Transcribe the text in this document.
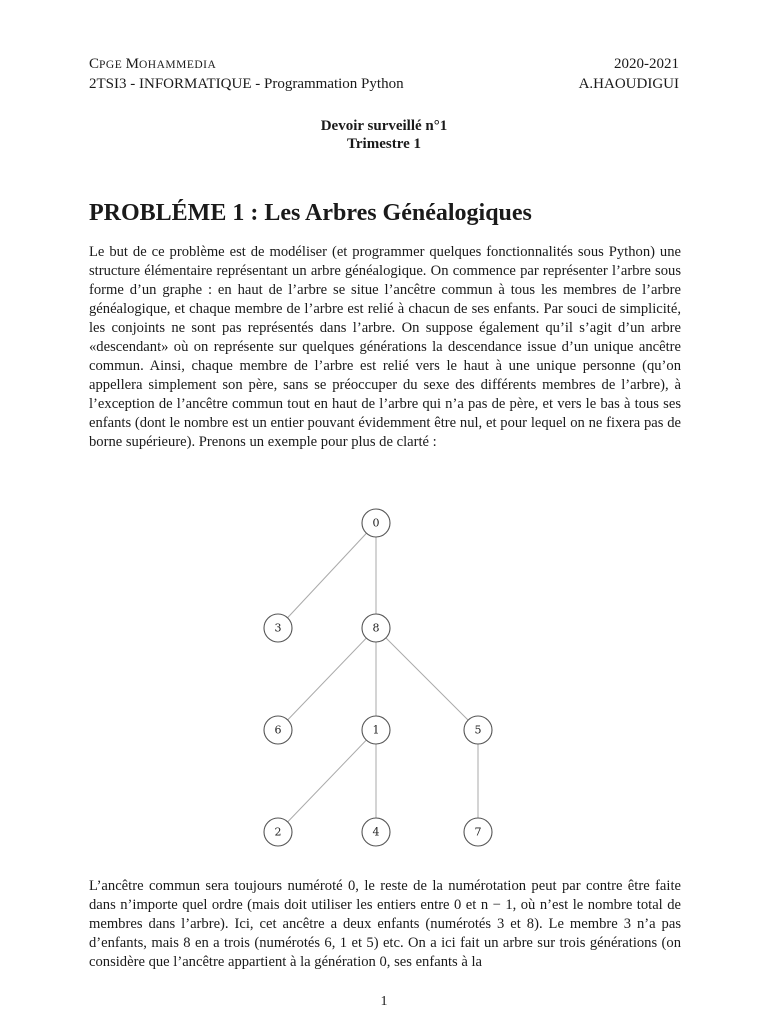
CPGE MOHAMMEDIA	2020-2021
2TSI3 - INFORMATIQUE - Programmation Python	A.HAOUDIGUI
Devoir surveillé n°1
Trimestre 1
PROBLÉME 1 : Les Arbres Généalogiques

Le but de ce problème est de modéliser (et programmer quelques fonctionnalités sous Python) une structure élémentaire représentant un arbre généalogique. On commence par représenter l’arbre sous forme d’un graphe : en haut de l’arbre se situe l’ancêtre commun à tous les membres de l’arbre généalogique, et chaque membre de l’arbre est relié à chacun de ses enfants. Par souci de simplicité, les conjoints ne sont pas représentés dans l’arbre. On suppose également qu’il s’agit d’un arbre «descendant» où on représente sur quelques générations la descendance issue d’un unique ancêtre commun. Ainsi, chaque membre de l’arbre est relié vers le haut à une unique personne (qu’on appellera simplement son père, sans se préoccuper du sexe des différents membres de l’arbre), à l’exception de l’ancêtre commun tout en haut de l’arbre qui n’a pas de père, et vers le bas à tous ses enfants (dont le nombre est un entier pouvant évidemment être nul, et pour lequel on ne fixera pas de borne supérieure). Prenons un exemple pour plus de clarté :

0
3	8
6	1	5
2	4	7

L’ancêtre commun sera toujours numéroté 0, le reste de la numérotation peut par contre être faite dans n’importe quel ordre (mais doit utiliser les entiers entre 0 et n − 1, où n’est le nombre total de membres dans l’arbre). Ici, cet ancêtre a deux enfants (numérotés 3 et 8). Le membre 3 n’a pas d’enfants, mais 8 en a trois (numérotés 6, 1 et 5) etc. On a ici fait un arbre sur trois générations (on considère que l’ancêtre appartient à la génération 0, ses enfants à la

1
